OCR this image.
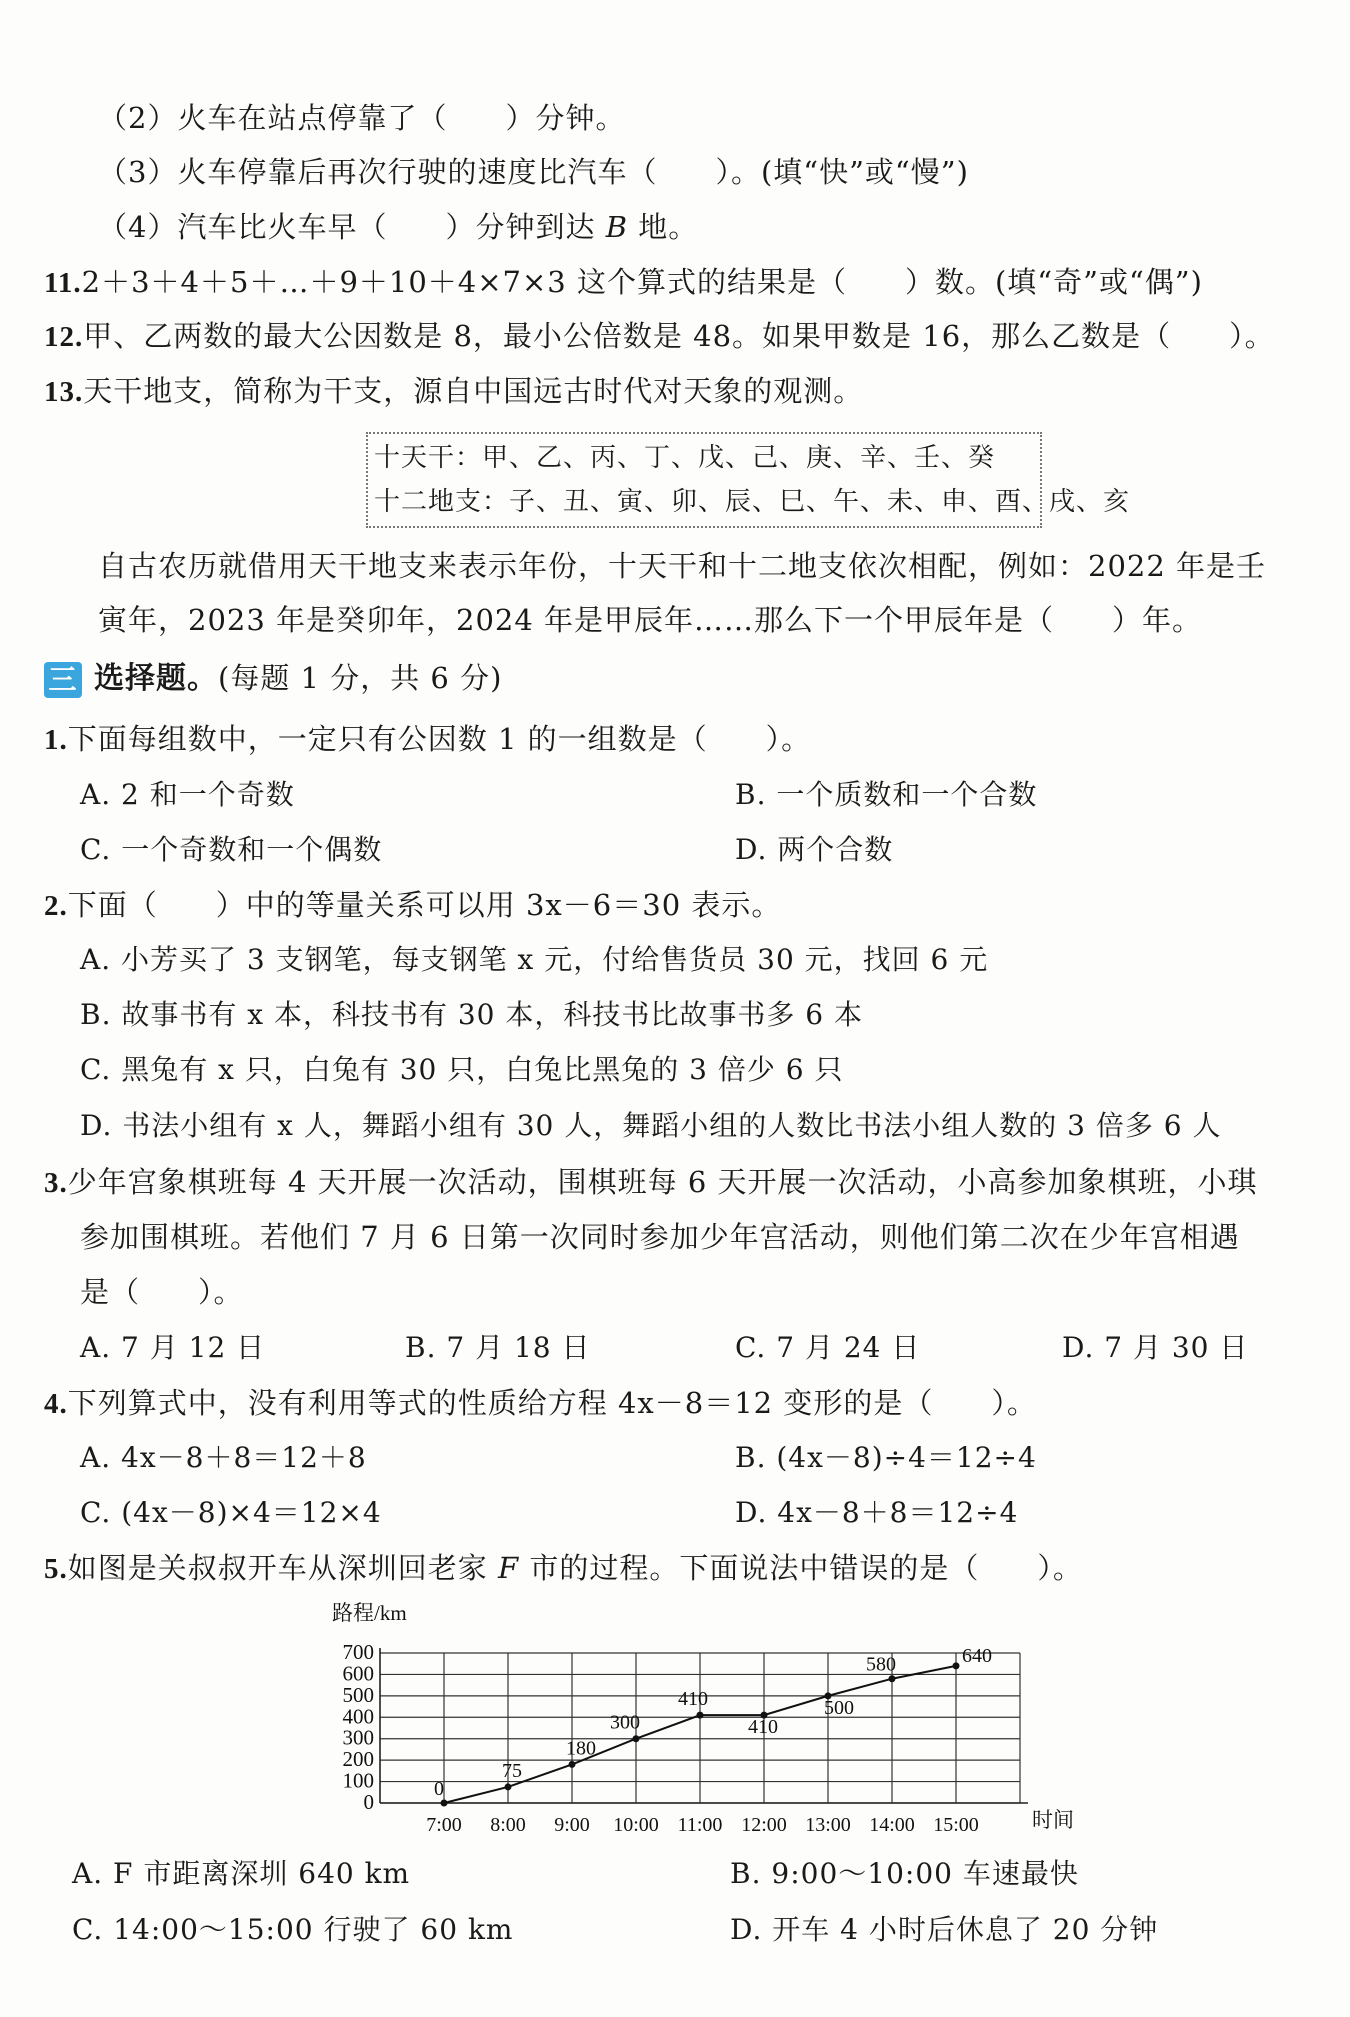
（2）火车在站点停靠了（ ）分钟。
（3）火车停靠后再次行驶的速度比汽车（ ）。(填“快”或“慢”)
（4）汽车比火车早（ ）分钟到达 B 地。
11.2＋3＋4＋5＋…＋9＋10＋4×7×3 这个算式的结果是（ ）数。(填“奇”或“偶”)
12.甲、乙两数的最大公因数是 8，最小公倍数是 48。如果甲数是 16，那么乙数是（ ）。
13.天干地支，简称为干支，源自中国远古时代对天象的观测。
十天干：甲、乙、丙、丁、戊、己、庚、辛、壬、癸
十二地支：子、丑、寅、卯、辰、巳、午、未、申、酉、戌、亥
自古农历就借用天干地支来表示年份，十天干和十二地支依次相配，例如：2022 年是壬
寅年，2023 年是癸卯年，2024 年是甲辰年……那么下一个甲辰年是（ ）年。
三 选择题。(每题 1 分，共 6 分)
1.下面每组数中，一定只有公因数 1 的一组数是（ ）。
A. 2 和一个奇数	B. 一个质数和一个合数
C. 一个奇数和一个偶数	D. 两个合数
2.下面（ ）中的等量关系可以用 3x－6＝30 表示。
A. 小芳买了 3 支钢笔，每支钢笔 x 元，付给售货员 30 元，找回 6 元
B. 故事书有 x 本，科技书有 30 本，科技书比故事书多 6 本
C. 黑兔有 x 只，白兔有 30 只，白兔比黑兔的 3 倍少 6 只
D. 书法小组有 x 人，舞蹈小组有 30 人，舞蹈小组的人数比书法小组人数的 3 倍多 6 人
3.少年宫象棋班每 4 天开展一次活动，围棋班每 6 天开展一次活动，小高参加象棋班，小琪
参加围棋班。若他们 7 月 6 日第一次同时参加少年宫活动，则他们第二次在少年宫相遇
是（ ）。
A. 7 月 12 日	B. 7 月 18 日	C. 7 月 24 日	D. 7 月 30 日
4.下列算式中，没有利用等式的性质给方程 4x－8＝12 变形的是（ ）。
A. 4x－8＋8＝12＋8	B. (4x－8)÷4＝12÷4
C. (4x－8)×4＝12×4	D. 4x－8＋8＝12÷4
5.如图是关叔叔开车从深圳回老家 F 市的过程。下面说法中错误的是（ ）。
0
100
200
300
400
500
600
700
路程/km
7:00 8:00 9:00 10:00 11:00 12:00 13:00 14:00 15:00	时间
0
75
180
300
410
410
500
580	640
A. F 市距离深圳 640 km	B. 9:00～10:00 车速最快
C. 14:00～15:00 行驶了 60 km	D. 开车 4 小时后休息了 20 分钟
